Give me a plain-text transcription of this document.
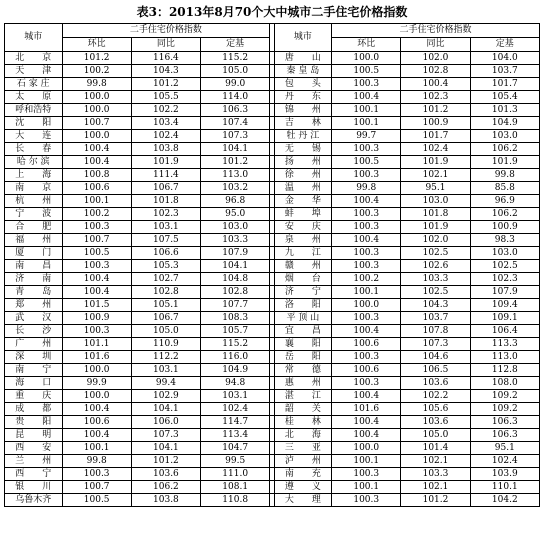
表3：2013年8月70个大中城市二手住宅价格指数
城市	二手住宅价格指数				城市	二手住宅价格指数		
	环比	同比	定基			环比	同比	定基
北　　京	101.2	116.4	115.2		唐　　山	100.0	102.0	104.0
天　　津	100.2	104.3	105.0		秦 皇 岛	100.5	102.8	103.7
石 家 庄	99.8	101.2	99.0		包　　头	100.3	100.4	101.7
太　　原	100.0	105.5	114.0		丹　　东	100.4	102.3	105.4
呼和浩特	100.0	102.2	106.3		锦　　州	100.1	101.2	101.3
沈　　阳	100.7	103.4	107.4		吉　　林	100.1	100.9	104.9
大　　连	100.0	102.4	107.3		牡 丹 江	99.7	101.7	103.0
长　　春	100.4	103.8	104.1		无　　锡	100.3	102.4	106.2
哈 尔 滨	100.4	101.9	101.2		扬　　州	100.5	101.9	101.9
上　　海	100.8	111.4	113.0		徐　　州	100.3	102.1	99.8
南　　京	100.6	106.7	103.2		温　　州	99.8	95.1	85.8
杭　　州	100.1	101.8	96.8		金　　华	100.4	103.0	96.9
宁　　波	100.2	102.3	95.0		蚌　　埠	100.3	101.8	106.2
合　　肥	100.3	103.1	103.0		安　　庆	100.3	101.9	100.9
福　　州	100.7	107.5	103.3		泉　　州	100.4	102.0	98.3
厦　　门	100.5	106.6	107.9		九　　江	100.3	102.5	103.0
南　　昌	100.3	105.3	104.1		赣　　州	100.3	102.6	102.5
济　　南	100.4	102.7	104.8		烟　　台	100.2	103.3	102.3
青　　岛	100.4	102.8	102.8		济　　宁	100.1	102.5	107.9
郑　　州	101.5	105.1	107.7		洛　　阳	100.0	104.3	109.4
武　　汉	100.9	106.7	108.3		平 顶 山	100.3	103.7	109.1
长　　沙	100.3	105.0	105.7		宜　　昌	100.4	107.8	106.4
广　　州	101.1	110.9	115.2		襄　　阳	100.6	107.3	113.3
深　　圳	101.6	112.2	116.0		岳　　阳	100.3	104.6	113.0
南　　宁	100.0	103.1	104.9		常　　德	100.6	106.5	112.8
海　　口	99.9	99.4	94.8		惠　　州	100.3	103.6	108.0
重　　庆	100.0	102.9	103.1		湛　　江	100.4	102.2	109.2
成　　都	100.4	104.1	102.4		韶　　关	101.6	105.6	109.2
贵　　阳	100.6	106.0	114.7		桂　　林	100.4	103.6	106.3
昆　　明	100.4	107.3	113.4		北　　海	100.4	105.0	106.3
西　　安	100.1	104.1	104.7		三　　亚	100.0	101.4	95.1
兰　　州	99.8	101.2	99.5		泸　　州	100.1	102.1	102.4
西　　宁	100.3	103.6	111.0		南　　充	100.3	103.3	103.9
银　　川	100.7	106.2	108.1		遵　　义	100.1	102.1	110.1
乌鲁木齐	100.5	103.8	110.8		大　　理	100.3	101.2	104.2
